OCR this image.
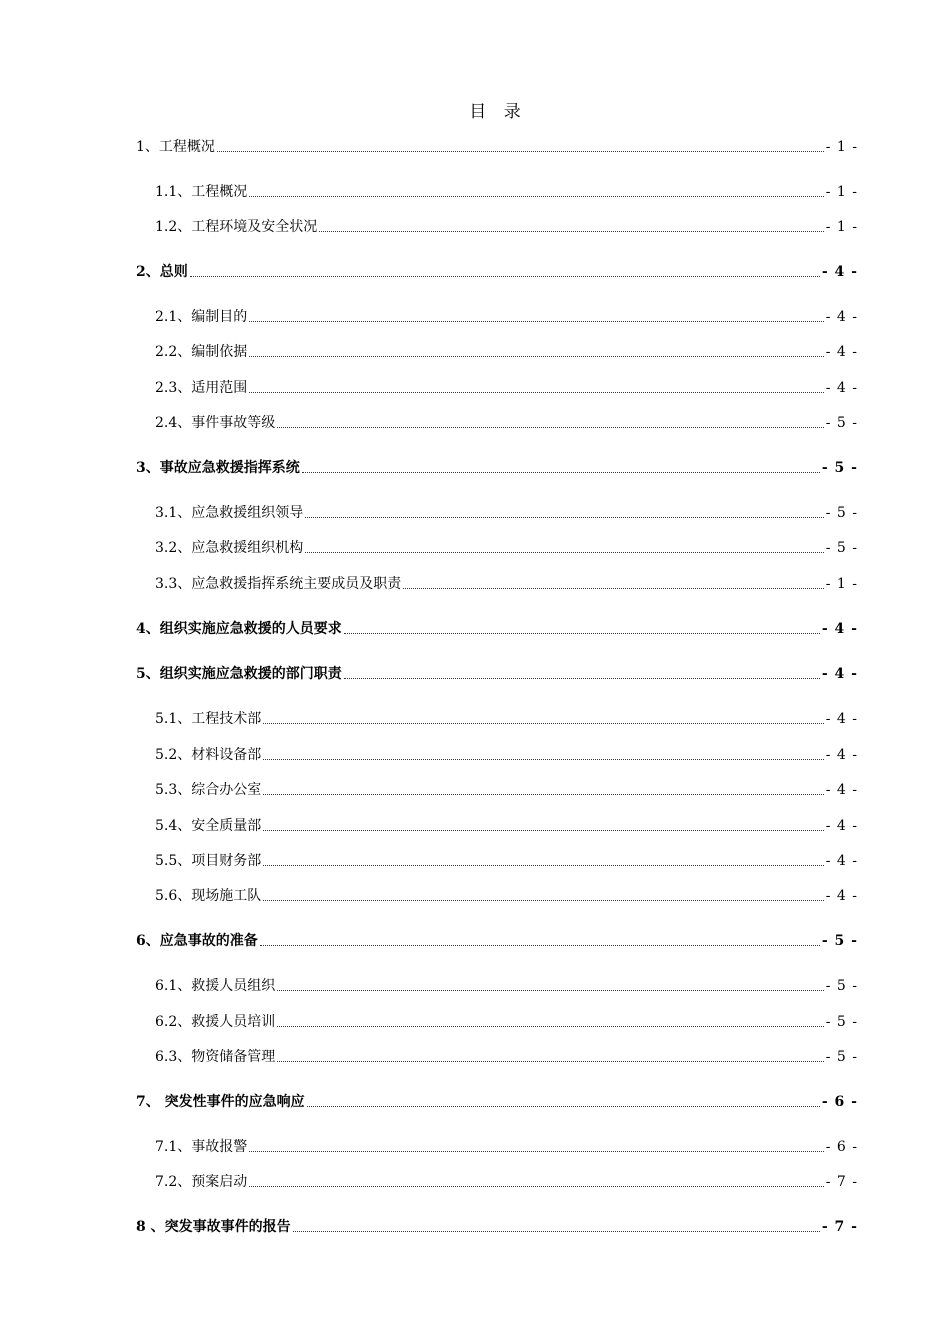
目 录
1、工程概况	- 1 -
1.1、工程概况	- 1 -
1.2、工程环境及安全状况	- 1 -
2、总则	- 4 -
2.1、编制目的	- 4 -
2.2、编制依据	- 4 -
2.3、适用范围	- 4 -
2.4、事件事故等级	- 5 -
3、事故应急救援指挥系统	- 5 -
3.1、应急救援组织领导	- 5 -
3.2、应急救援组织机构	- 5 -
3.3、应急救援指挥系统主要成员及职责	- 1 -
4、组织实施应急救援的人员要求	- 4 -
5、组织实施应急救援的部门职责	- 4 -
5.1、工程技术部	- 4 -
5.2、材料设备部	- 4 -
5.3、综合办公室	- 4 -
5.4、安全质量部	- 4 -
5.5、项目财务部	- 4 -
5.6、现场施工队	- 4 -
6、应急事故的准备	- 5 -
6.1、救援人员组织	- 5 -
6.2、救援人员培训	- 5 -
6.3、物资储备管理	- 5 -
7、 突发性事件的应急响应	- 6 -
7.1、事故报警	- 6 -
7.2、预案启动	- 7 -
8 、突发事故事件的报告	- 7 -
